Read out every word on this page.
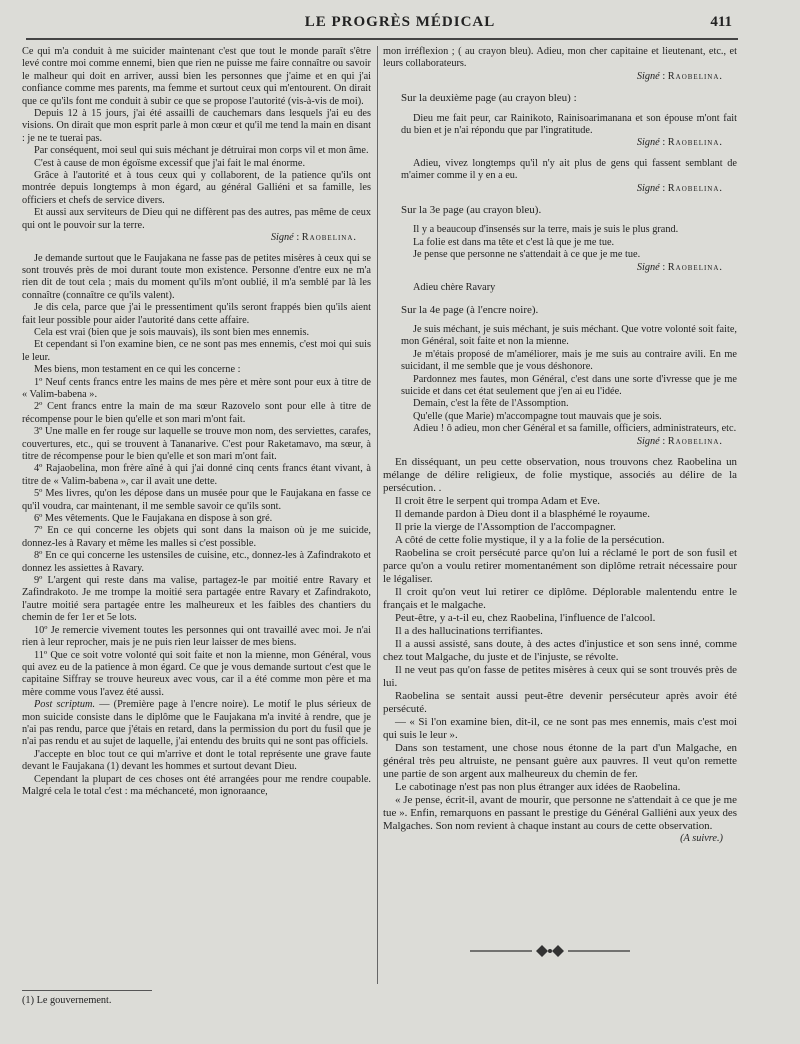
LE PROGRÈS MÉDICAL	411

Ce qui m'a conduit à me suicider maintenant c'est que tout le monde paraît s'être levé contre moi comme ennemi, bien que rien ne puisse me faire connaître ou savoir le malheur qui doit en arriver, aussi bien les personnes que j'aime et en qui j'ai confiance comme mes parents, ma femme et surtout ceux qui m'entourent. On dirait que ce qu'ils font me conduit à subir ce que se propose l'autorité (vis-à-vis de moi).

Depuis 12 à 15 jours, j'ai été assailli de cauchemars dans lesquels j'ai eu des visions. On dirait que mon esprit parle à mon cœur et qu'il me tend la main en disant : je ne te tuerai pas.

Par conséquent, moi seul qui suis méchant je détruirai mon corps vil et mon âme.

C'est à cause de mon égoïsme excessif que j'ai fait le mal énorme.

Grâce à l'autorité et à tous ceux qui y collaborent, de la patience qu'ils ont montrée depuis longtemps à mon égard, au général Galliéni et sa famille, les officiers et chefs de service divers.

Et aussi aux serviteurs de Dieu qui ne diffèrent pas des autres, pas même de ceux qui ont le pouvoir sur la terre.

Signé : Raobelina.

Je demande surtout que le Faujakana ne fasse pas de petites misères à ceux qui se sont trouvés près de moi durant toute mon existence. Personne d'entre eux ne m'a rien dit de tout cela ; mais du moment qu'ils m'ont oublié, il m'a semblé par là les connaître (connaître ce qu'ils valent).

Je dis cela, parce que j'ai le pressentiment qu'ils seront frappés bien qu'ils aient fait leur possible pour aider l'autorité dans cette affaire.

Cela est vrai (bien que je sois mauvais), ils sont bien mes ennemis.

Et cependant si l'on examine bien, ce ne sont pas mes ennemis, c'est moi qui suis le leur.

Mes biens, mon testament en ce qui les concerne :

1º Neuf cents francs entre les mains de mes père et mère sont pour eux à titre de « Valim-babena ».

2º Cent francs entre la main de ma sœur Razovelo sont pour elle à titre de récompense pour le bien qu'elle et son mari m'ont fait.

3º Une malle en fer rouge sur laquelle se trouve mon nom, des serviettes, carafes, couvertures, etc., qui se trouvent à Tananarive. C'est pour Raketamavo, ma sœur, à titre de récompense pour le bien qu'elle et son mari m'ont fait.

4º Rajaobelina, mon frère aîné à qui j'ai donné cinq cents francs étant vivant, à titre de « Valim-babena », car il avait une dette.

5º Mes livres, qu'on les dépose dans un musée pour que le Faujakana en fasse ce qu'il voudra, car maintenant, il me semble savoir ce qu'ils sont.

6º Mes vêtements. Que le Faujakana en dispose à son gré.

7º En ce qui concerne les objets qui sont dans la maison où je me suicide, donnez-les à Ravary et même les malles si c'est possible.

8º En ce qui concerne les ustensiles de cuisine, etc., donnez-les à Zafindrakoto et donnez les assiettes à Ravary.

9º L'argent qui reste dans ma valise, partagez-le par moitié entre Ravary et Zafindrakoto. Je me trompe la moitié sera partagée entre Ravary et Zafindrakoto, l'autre moitié sera partagée entre les malheureux et les faibles des chantiers du chemin de fer 1er et 5e lots.

10º Je remercie vivement toutes les personnes qui ont travaillé avec moi. Je n'ai rien à leur reprocher, mais je ne puis rien leur laisser de mes biens.

11º Que ce soit votre volonté qui soit faite et non la mienne, mon Général, vous qui avez eu de la patience à mon égard. Ce que je vous demande surtout c'est que le capitaine Siffray se trouve heureux avec vous, car il a été comme mon père et ma mère comme vous l'avez été aussi.

Post scriptum. — (Première page à l'encre noire). Le motif le plus sérieux de mon suicide consiste dans le diplôme que le Faujakana m'a invité à rendre, que je n'ai pas rendu, parce que j'étais en retard, dans la permission du port du fusil que je n'ai pas rendu et au sujet de laquelle, j'ai entendu des bruits qui ne sont pas officiels.

J'accepte en bloc tout ce qui m'arrive et dont le total représente une grave faute devant le Faujakana (1) devant les hommes et surtout devant Dieu.

Cependant la plupart de ces choses ont été arrangées pour me rendre coupable. Malgré cela le total c'est : ma méchanceté, mon ignoraance,

mon irréflexion ; ( au crayon bleu). Adieu, mon cher capitaine et lieutenant, etc., et leurs collaborateurs.

Signé : Raobelina.

Sur la deuxième page (au crayon bleu) :

Dieu me fait peur, car Rainikoto, Rainisoarimanana et son épouse m'ont fait du bien et je n'ai répondu que par l'ingratitude.

Signé : Raobelina.

Adieu, vivez longtemps qu'il n'y ait plus de gens qui fassent semblant de m'aimer comme il y en a eu.

Signé : Raobelina.

Sur la 3e page (au crayon bleu).

Il y a beaucoup d'insensés sur la terre, mais je suis le plus grand.

La folie est dans ma tête et c'est là que je me tue.

Je pense que personne ne s'attendait à ce que je me tue.

Signé : Raobelina.

Adieu chère Ravary

Sur la 4e page (à l'encre noire).

Je suis méchant, je suis méchant, je suis méchant. Que votre volonté soit faite, mon Général, soit faite et non la mienne.

Je m'étais proposé de m'améliorer, mais je me suis au contraire avili. En me suicidant, il me semble que je vous déshonore.

Pardonnez mes fautes, mon Général, c'est dans une sorte d'ivresse que je me suicide et dans cet état seulement que j'en ai eu l'idée.

Demain, c'est la fête de l'Assomption.

Qu'elle (que Marie) m'accompagne tout mauvais que je sois.

Adieu ! ô adieu, mon cher Général et sa famille, officiers, administrateurs, etc.

Signé : Raobelina.

En disséquant, un peu cette observation, nous trouvons chez Raobelina un mélange de délire religieux, de folie mystique, associés au délire de la persécution. .

Il croit être le serpent qui trompa Adam et Eve.

Il demande pardon à Dieu dont il a blasphémé le royaume.

Il prie la vierge de l'Assomption de l'accompagner.

A côté de cette folie mystique, il y a la folie de la persécution.

Raobelina se croit persécuté parce qu'on lui a réclamé le port de son fusil et parce qu'on a voulu retirer momentanément son diplôme retrait nécessaire pour le légaliser.

Il croit qu'on veut lui retirer ce diplôme. Déplorable malentendu entre le français et le malgache.

Peut-être, y a-t-il eu, chez Raobelina, l'influence de l'alcool.

Il a des hallucinations terrifiantes.

Il a aussi assisté, sans doute, à des actes d'injustice et son sens inné, comme chez tout Malgache, du juste et de l'injuste, se révolte.

Il ne veut pas qu'on fasse de petites misères à ceux qui se sont trouvés près de lui.

Raobelina se sentait aussi peut-être devenir persécuteur après avoir été persécuté.

— « Si l'on examine bien, dit-il, ce ne sont pas mes ennemis, mais c'est moi qui suis le leur ».

Dans son testament, une chose nous étonne de la part d'un Malgache, en général très peu altruiste, ne pensant guère aux pauvres. Il veut qu'on remette une partie de son argent aux malheureux du chemin de fer.

Le cabotinage n'est pas non plus étranger aux idées de Raobelina.

« Je pense, écrit-il, avant de mourir, que personne ne s'attendait à ce que je me tue ». Enfin, remarquons en passant le prestige du Général Galliéni aux yeux des Malgaches. Son nom revient à chaque instant au cours de cette observation.

(A suivre.)

(1) Le gouvernement.
